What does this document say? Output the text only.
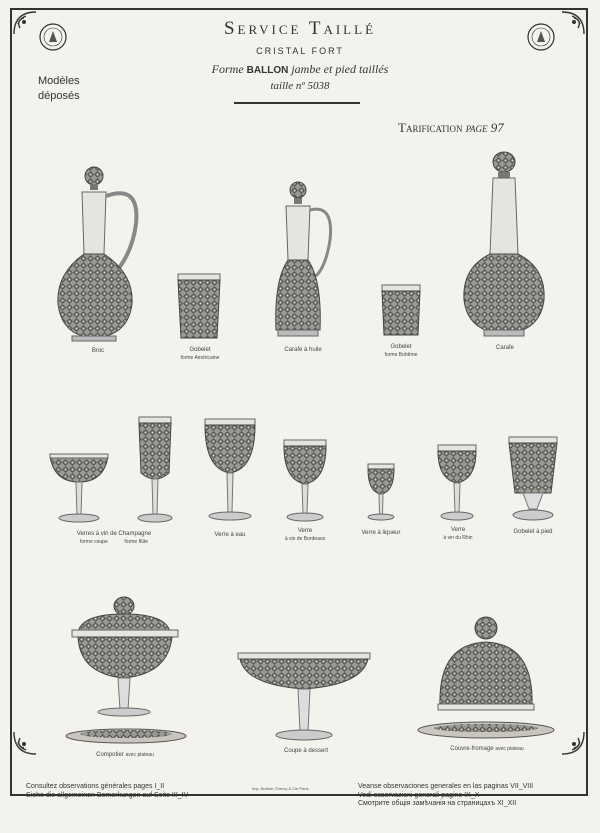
Service Taillé
CRISTAL FORT
Forme BALLON jambe et pied taillés
taille nº 5038
Modèles
déposés
Tarification page 97
Broc	Gobelet
forme Américaine
Carafe à huile	Gobelet
forme Bohême
Carafe
Verres à vin de Champagne
forme coupe	forme flûte
Verre à eau
Verre
à vin de Bordeaux
Verre à liqueur	Verre
à vin du Rhin
Gobelet à pied
Compotier avec plateau
Coupe à dessert	Couvre-fromage avec plateau
Consultez observations générales pages I_II
Siehe die allgemeinen Bemerkungen auf Seite III_IV
Imp. Butiner-Thierry & Cie Paris	Veanse observaciones generales en las paginas VII_VIII
Vedi osservazioni generali pagine IX_X
Смотрите общія замѣчанія на страницахъ XI_XII
